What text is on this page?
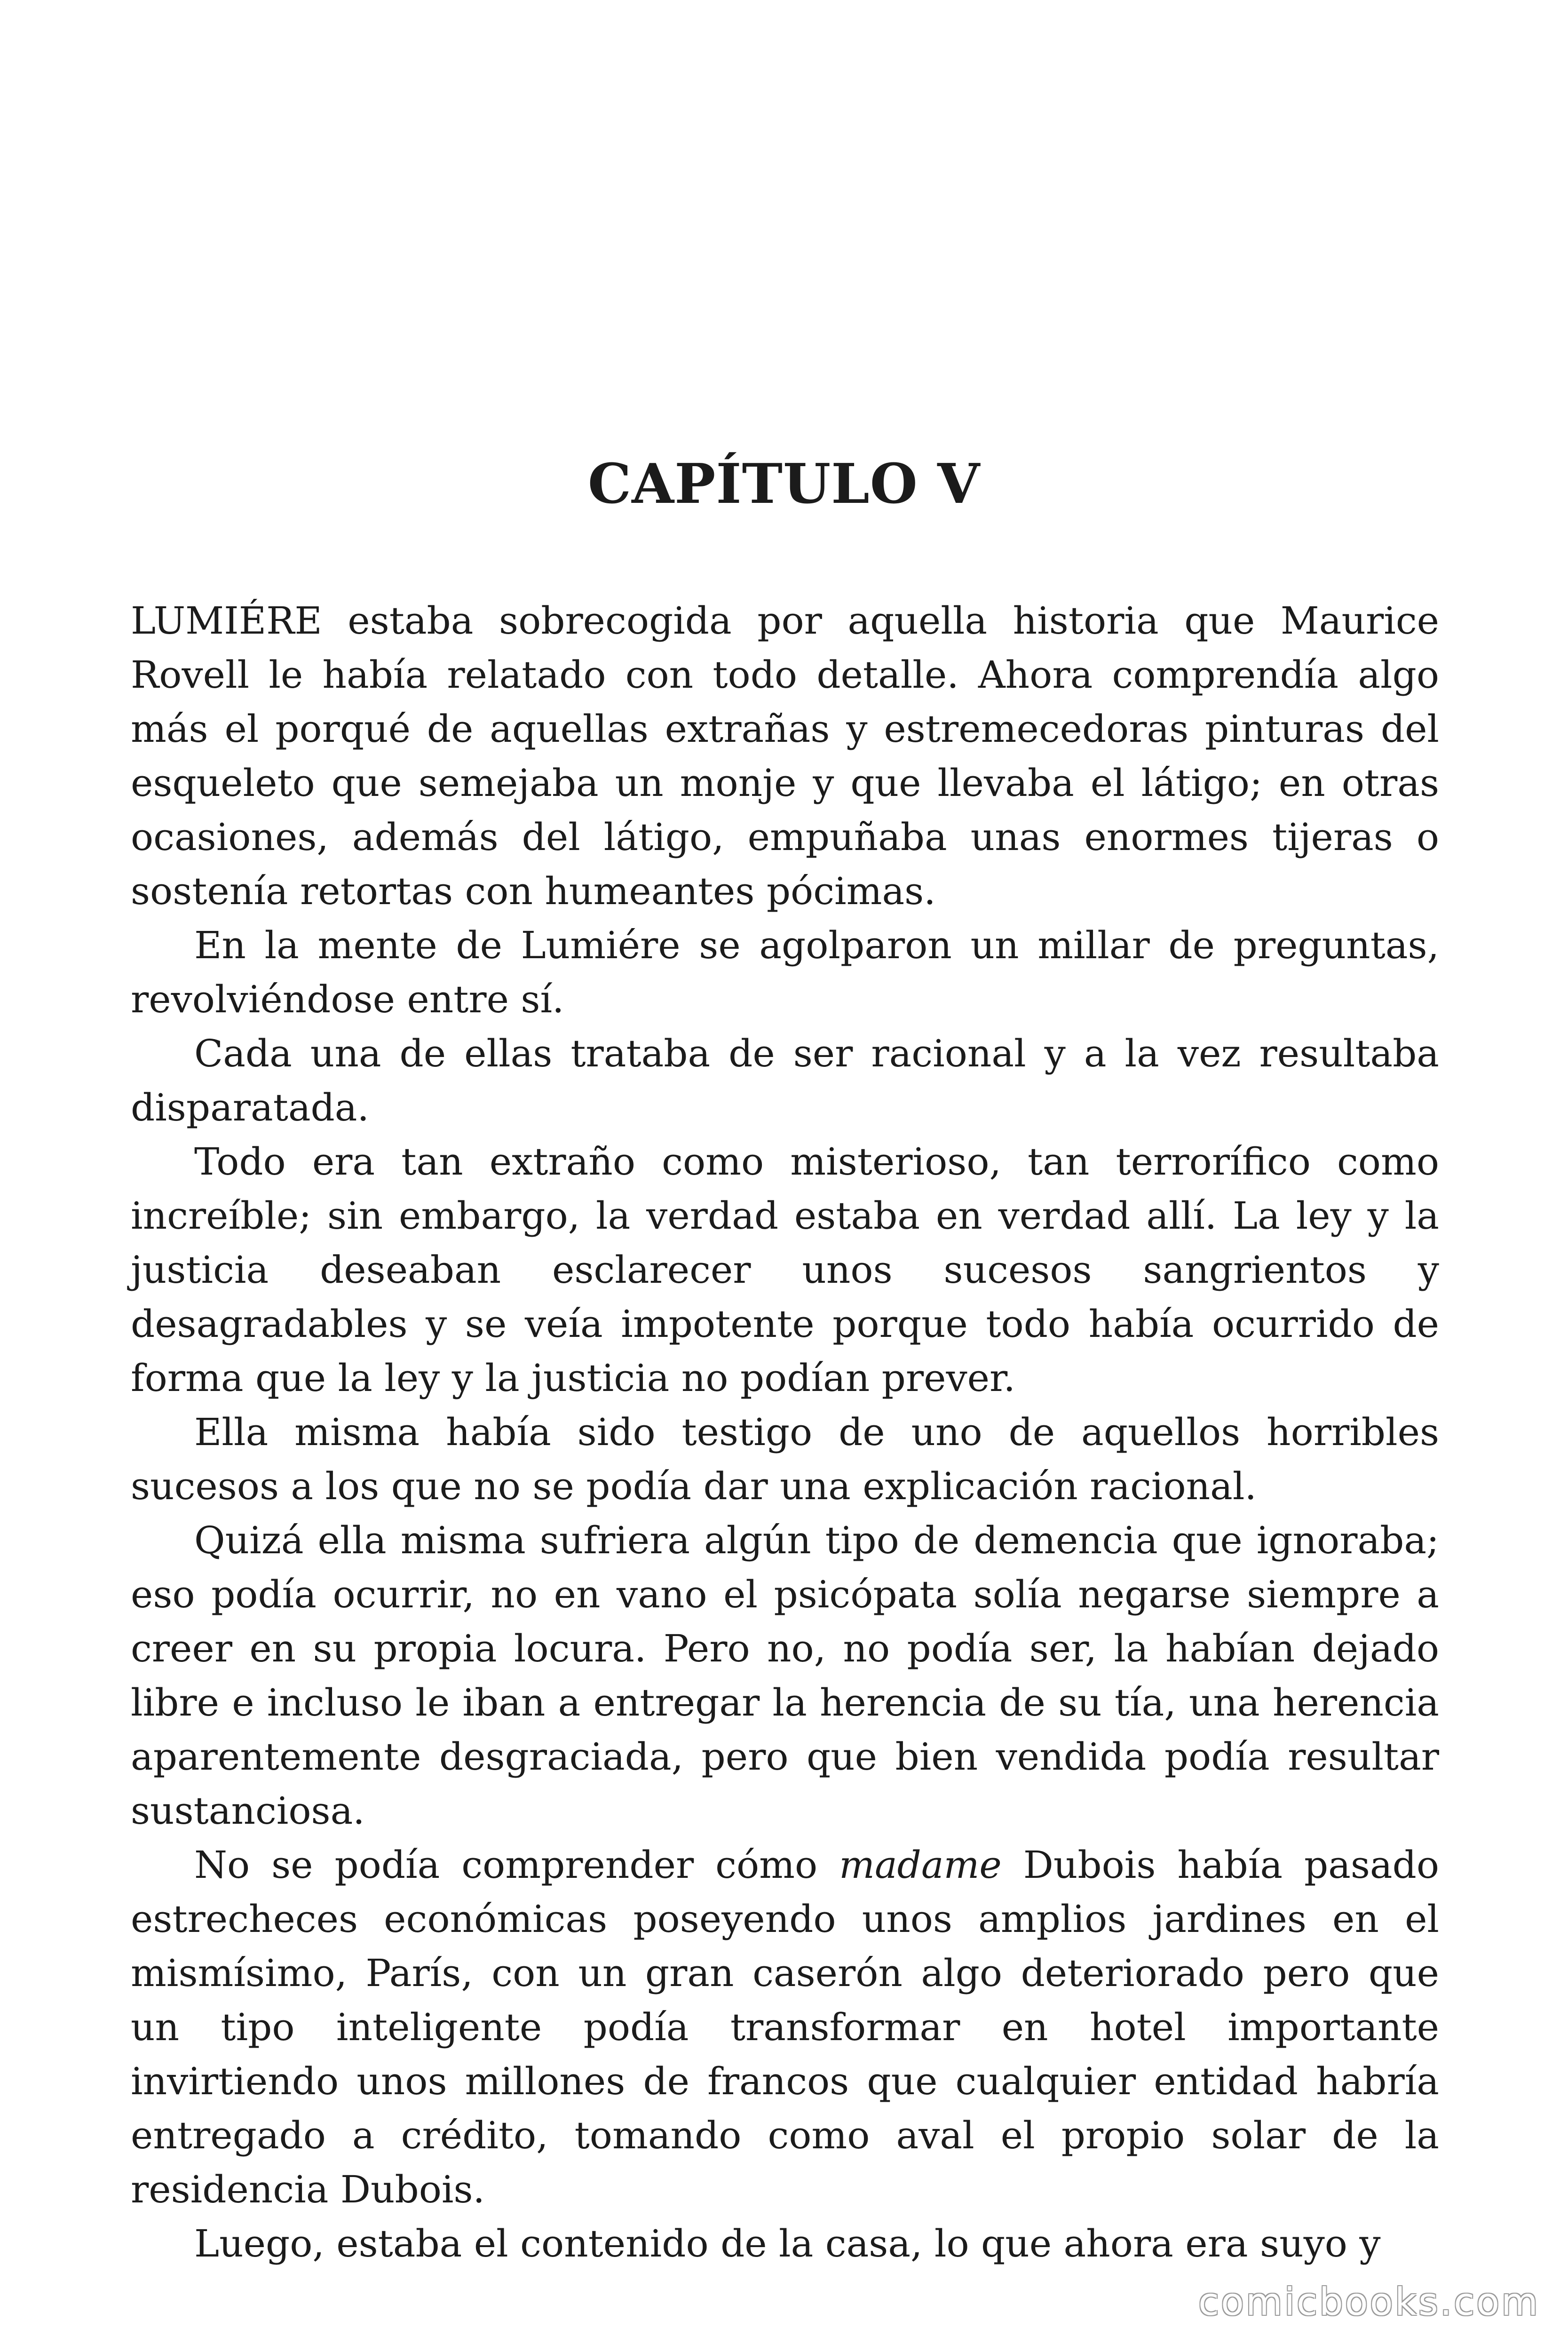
CAPÍTULO V

LUMIÉRE estaba sobrecogida por aquella historia que Maurice Rovell le había relatado con todo detalle. Ahora comprendía algo más el porqué de aquellas extrañas y estremecedoras pinturas del esqueleto que semejaba un monje y que llevaba el látigo; en otras ocasiones, además del látigo, empuñaba unas enormes tijeras o sostenía retortas con humeantes pócimas.

En la mente de Lumiére se agolparon un millar de preguntas, revolviéndose entre sí.

Cada una de ellas trataba de ser racional y a la vez resultaba disparatada.

Todo era tan extraño como misterioso, tan terrorífico como increíble; sin embargo, la verdad estaba en verdad allí. La ley y la justicia deseaban esclarecer unos sucesos sangrientos y desagradables y se veía impotente porque todo había ocurrido de forma que la ley y la justicia no podían prever.

Ella misma había sido testigo de uno de aquellos horribles sucesos a los que no se podía dar una explicación racional.

Quizá ella misma sufriera algún tipo de demencia que ignoraba; eso podía ocurrir, no en vano el psicópata solía negarse siempre a creer en su propia locura. Pero no, no podía ser, la habían dejado libre e incluso le iban a entregar la herencia de su tía, una herencia aparentemente desgraciada, pero que bien vendida podía resultar sustanciosa.

No se podía comprender cómo madame Dubois había pasado estrecheces económicas poseyendo unos amplios jardines en el mismísimo, París, con un gran caserón algo deteriorado pero que un tipo inteligente podía transformar en hotel importante invirtiendo unos millones de francos que cualquier entidad habría entregado a crédito, tomando como aval el propio solar de la residencia Dubois.

Luego, estaba el contenido de la casa, lo que ahora era suyo y

comicbooks.com
